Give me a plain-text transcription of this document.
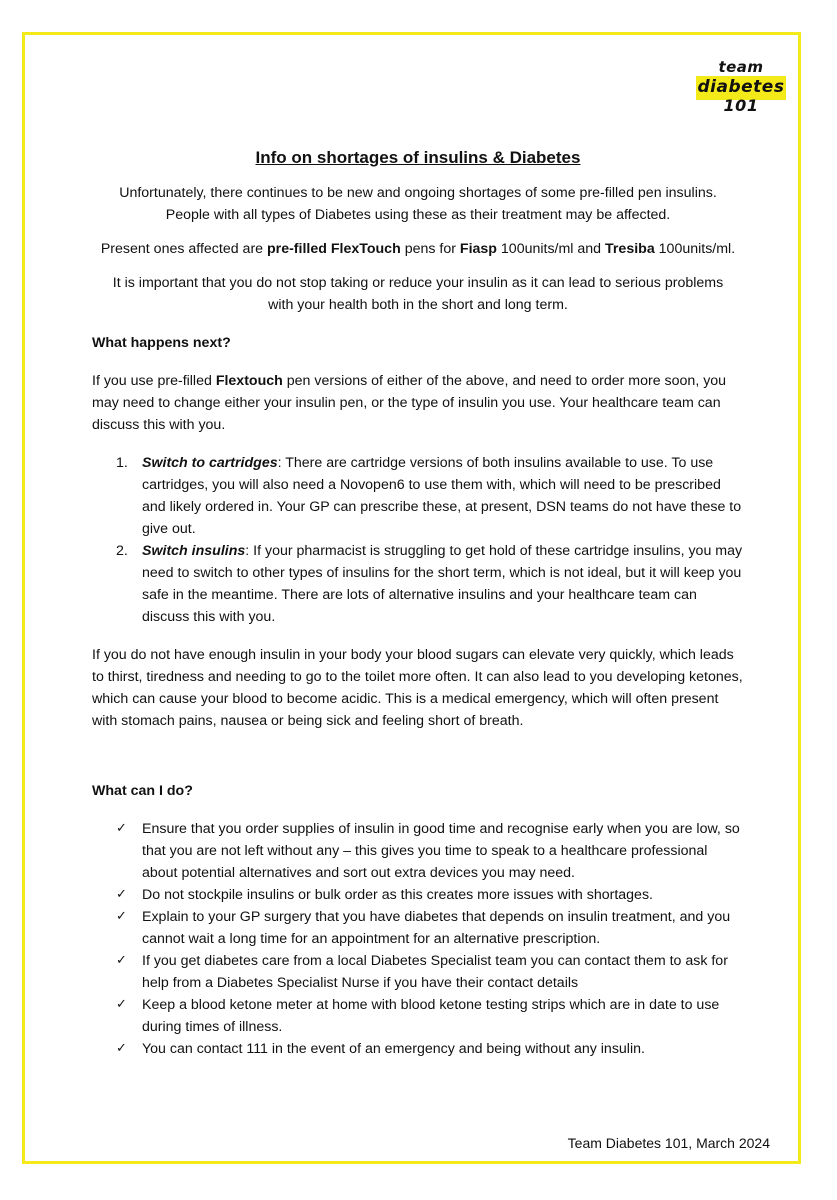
team
diabetes
101
Info on shortages of insulins & Diabetes

Unfortunately, there continues to be new and ongoing shortages of some pre-filled pen insulins.
People with all types of Diabetes using these as their treatment may be affected.

Present ones affected are pre-filled FlexTouch pens for Fiasp 100units/ml and Tresiba 100units/ml.

It is important that you do not stop taking or reduce your insulin as it can lead to serious problems
with your health both in the short and long term.

What happens next?

If you use pre-filled Flextouch pen versions of either of the above, and need to order more soon, you may need to change either your insulin pen, or the type of insulin you use. Your healthcare team can discuss this with you.

1. Switch to cartridges: There are cartridge versions of both insulins available to use. To use cartridges, you will also need a Novopen6 to use them with, which will need to be prescribed and likely ordered in. Your GP can prescribe these, at present, DSN teams do not have these to give out.
2. Switch insulins: If your pharmacist is struggling to get hold of these cartridge insulins, you may need to switch to other types of insulins for the short term, which is not ideal, but it will keep you safe in the meantime. There are lots of alternative insulins and your healthcare team can discuss this with you.

If you do not have enough insulin in your body your blood sugars can elevate very quickly, which leads to thirst, tiredness and needing to go to the toilet more often. It can also lead to you developing ketones, which can cause your blood to become acidic. This is a medical emergency, which will often present with stomach pains, nausea or being sick and feeling short of breath.

What can I do?

✓ Ensure that you order supplies of insulin in good time and recognise early when you are low, so that you are not left without any – this gives you time to speak to a healthcare professional about potential alternatives and sort out extra devices you may need.
✓ Do not stockpile insulins or bulk order as this creates more issues with shortages.
✓ Explain to your GP surgery that you have diabetes that depends on insulin treatment, and you cannot wait a long time for an appointment for an alternative prescription.
✓ If you get diabetes care from a local Diabetes Specialist team you can contact them to ask for help from a Diabetes Specialist Nurse if you have their contact details
✓ Keep a blood ketone meter at home with blood ketone testing strips which are in date to use during times of illness.
✓ You can contact 111 in the event of an emergency and being without any insulin.
Team Diabetes 101, March 2024
